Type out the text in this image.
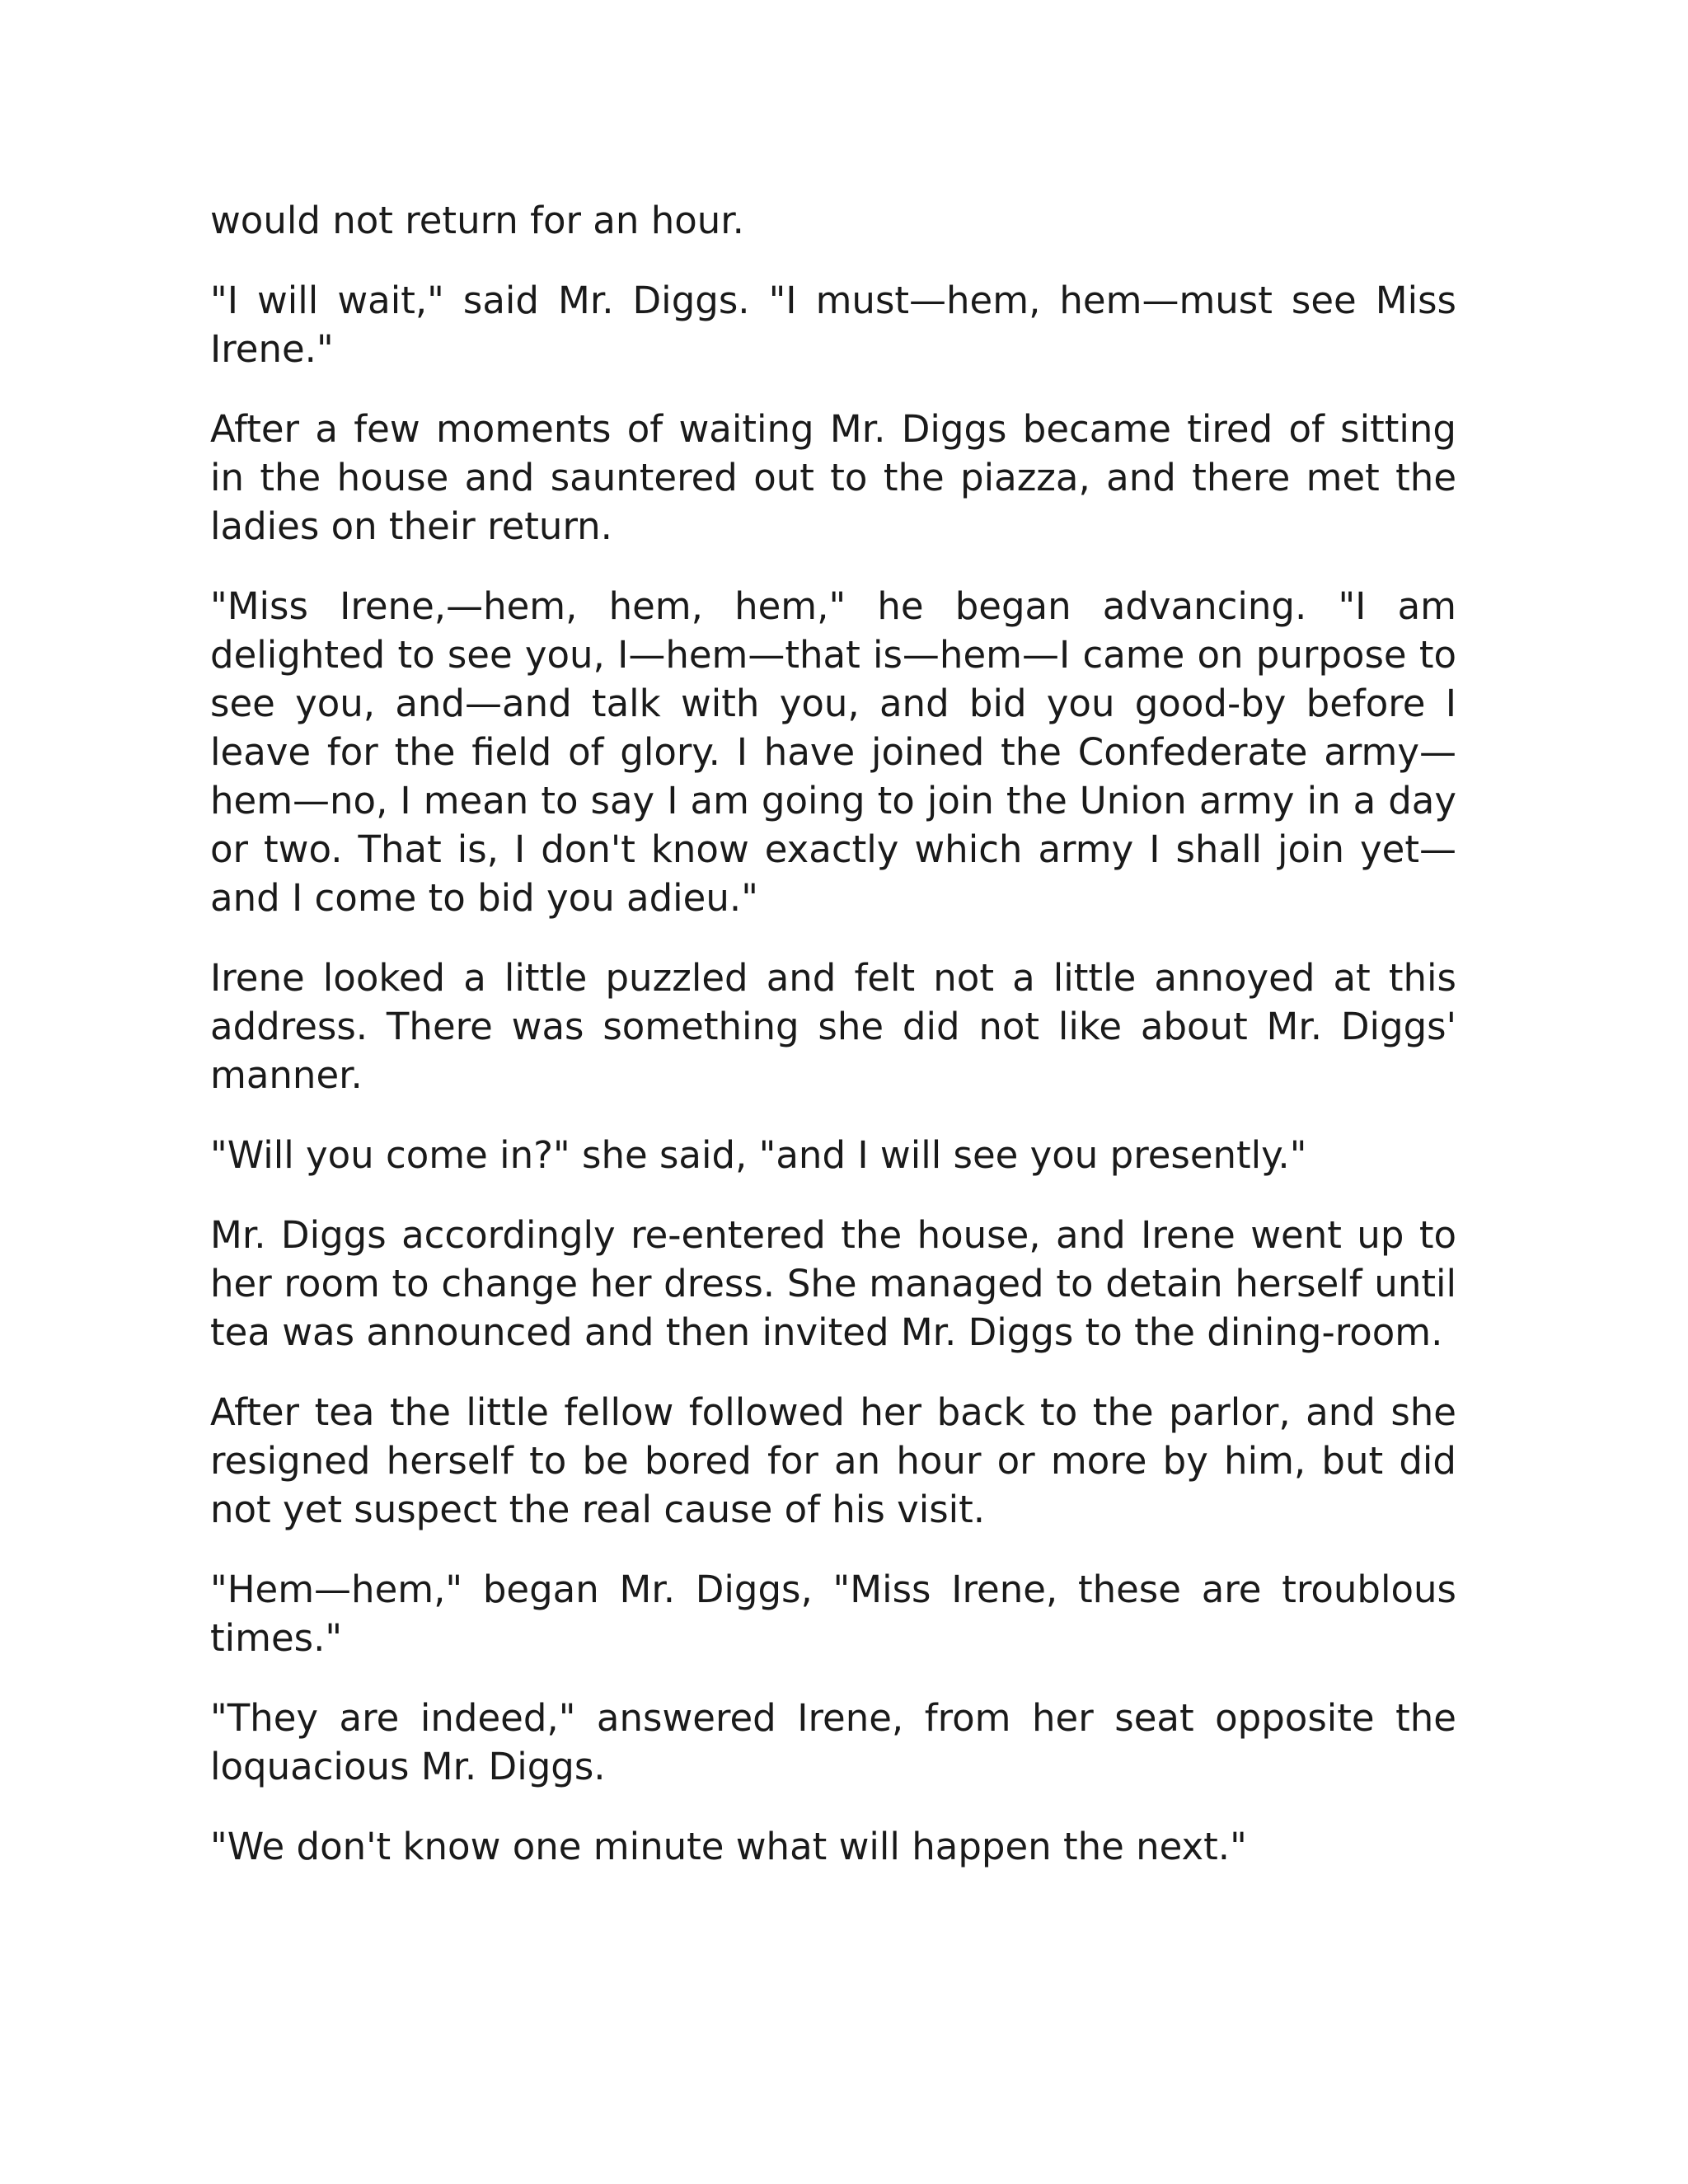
would not return for an hour.

"I will wait," said Mr. Diggs. "I must—hem, hem—must see Miss Irene."

After a few moments of waiting Mr. Diggs became tired of sitting in the house and sauntered out to the piazza, and there met the ladies on their return.

"Miss Irene,—hem, hem, hem," he began advancing. "I am delighted to see you, I—hem—that is—hem—I came on purpose to see you, and—and talk with you, and bid you good-by before I leave for the field of glory. I have joined the Confederate army—hem—no, I mean to say I am going to join the Union army in a day or two. That is, I don't know exactly which army I shall join yet—and I come to bid you adieu."

Irene looked a little puzzled and felt not a little annoyed at this address. There was something she did not like about Mr. Diggs' manner.

"Will you come in?" she said, "and I will see you presently."

Mr. Diggs accordingly re-entered the house, and Irene went up to her room to change her dress. She managed to detain herself until tea was announced and then invited Mr. Diggs to the dining-room.

After tea the little fellow followed her back to the parlor, and she resigned herself to be bored for an hour or more by him, but did not yet suspect the real cause of his visit.

"Hem—hem," began Mr. Diggs, "Miss Irene, these are troublous times."

"They are indeed," answered Irene, from her seat opposite the loquacious Mr. Diggs.

"We don't know one minute what will happen the next."
